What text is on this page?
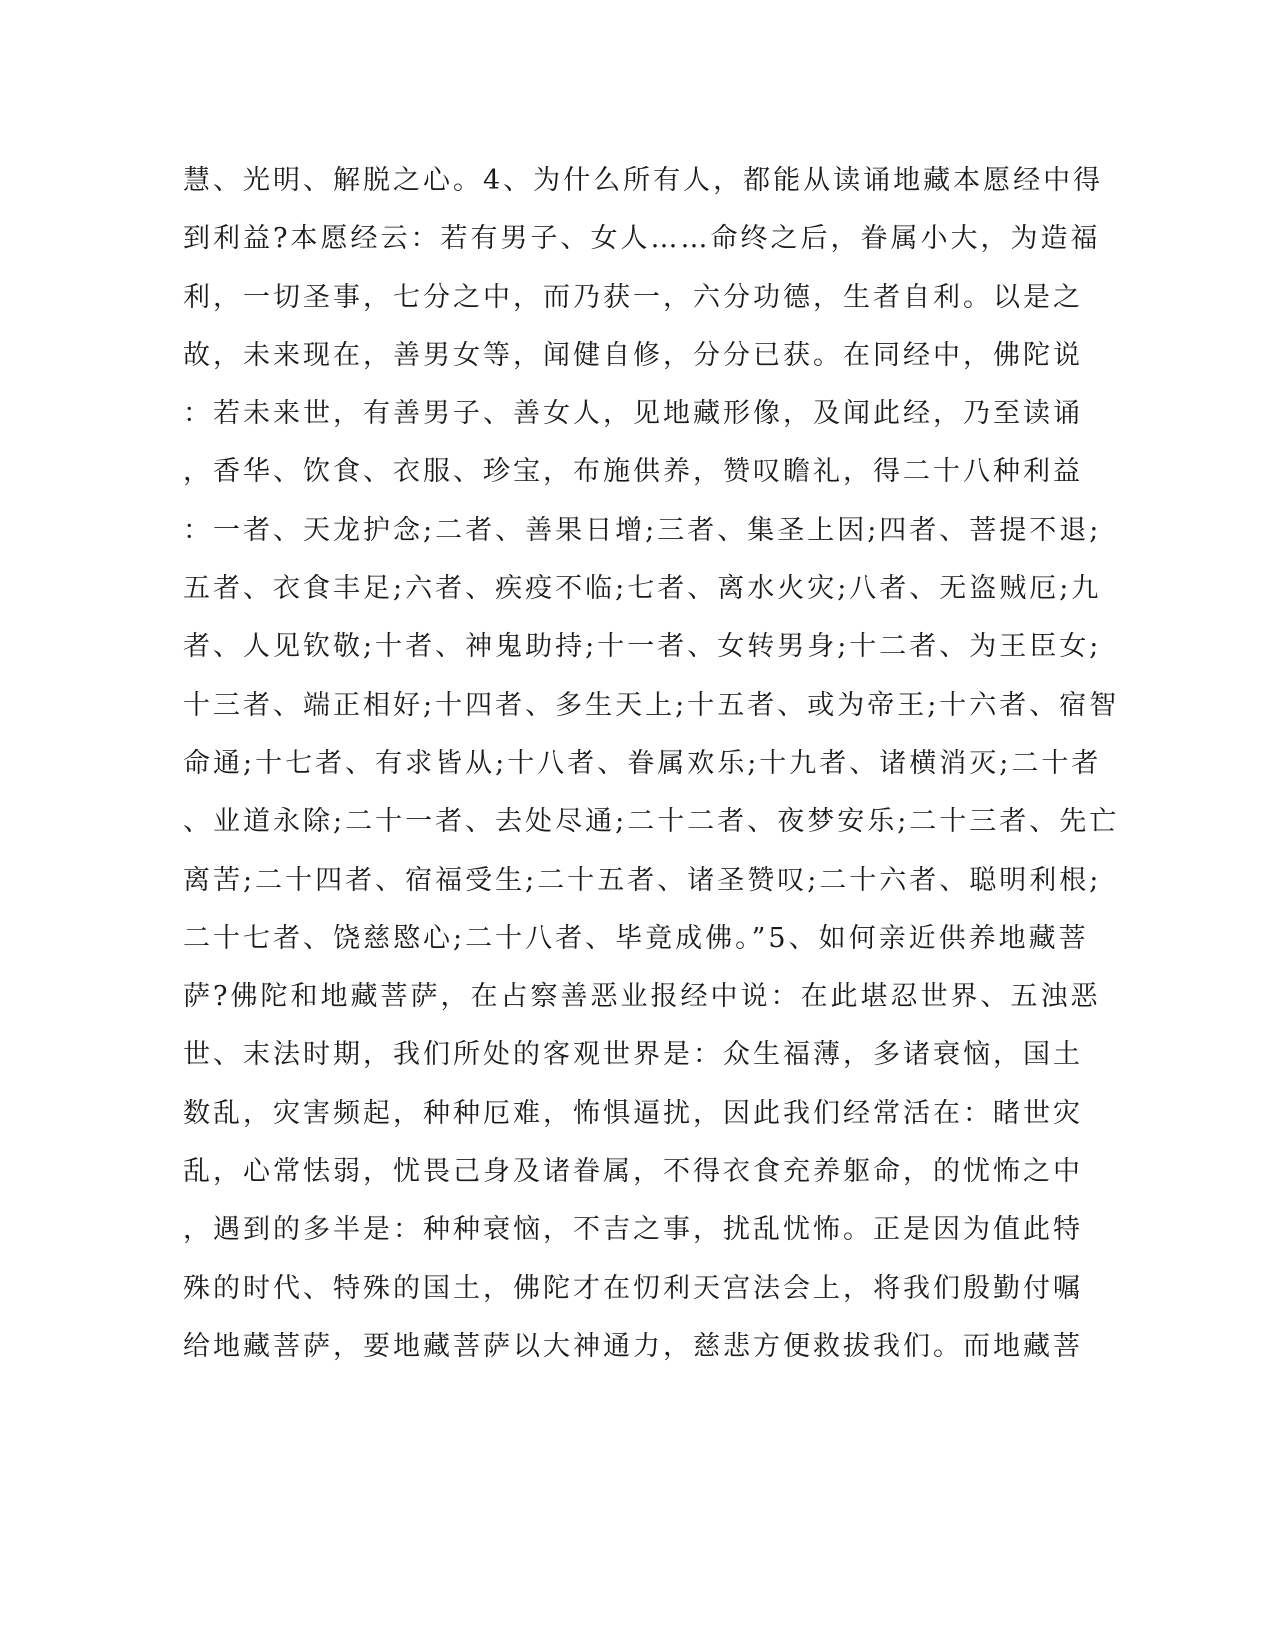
慧、光明、解脱之心。4、为什么所有人，都能从读诵地藏本愿经中得
到利益?本愿经云：若有男子、女人……命终之后，眷属小大，为造福
利，一切圣事，七分之中，而乃获一，六分功德，生者自利。以是之
故，未来现在，善男女等，闻健自修，分分已获。在同经中，佛陀说
：若未来世，有善男子、善女人，见地藏形像，及闻此经，乃至读诵
，香华、饮食、衣服、珍宝，布施供养，赞叹瞻礼，得二十八种利益
：一者、天龙护念;二者、善果日增;三者、集圣上因;四者、菩提不退;
五者、衣食丰足;六者、疾疫不临;七者、离水火灾;八者、无盗贼厄;九
者、人见钦敬;十者、神鬼助持;十一者、女转男身;十二者、为王臣女;
十三者、端正相好;十四者、多生天上;十五者、或为帝王;十六者、宿智
命通;十七者、有求皆从;十八者、眷属欢乐;十九者、诸横消灭;二十者
、业道永除;二十一者、去处尽通;二十二者、夜梦安乐;二十三者、先亡
离苦;二十四者、宿福受生;二十五者、诸圣赞叹;二十六者、聪明利根;
二十七者、饶慈愍心;二十八者、毕竟成佛。”5、如何亲近供养地藏菩
萨?佛陀和地藏菩萨，在占察善恶业报经中说：在此堪忍世界、五浊恶
世、末法时期，我们所处的客观世界是：众生福薄，多诸衰恼，国土
数乱，灾害频起，种种厄难，怖惧逼扰，因此我们经常活在：睹世灾
乱，心常怯弱，忧畏己身及诸眷属，不得衣食充养躯命，的忧怖之中
，遇到的多半是：种种衰恼，不吉之事，扰乱忧怖。正是因为值此特
殊的时代、特殊的国土，佛陀才在忉利天宫法会上，将我们殷勤付嘱
给地藏菩萨，要地藏菩萨以大神通力，慈悲方便救拔我们。而地藏菩
